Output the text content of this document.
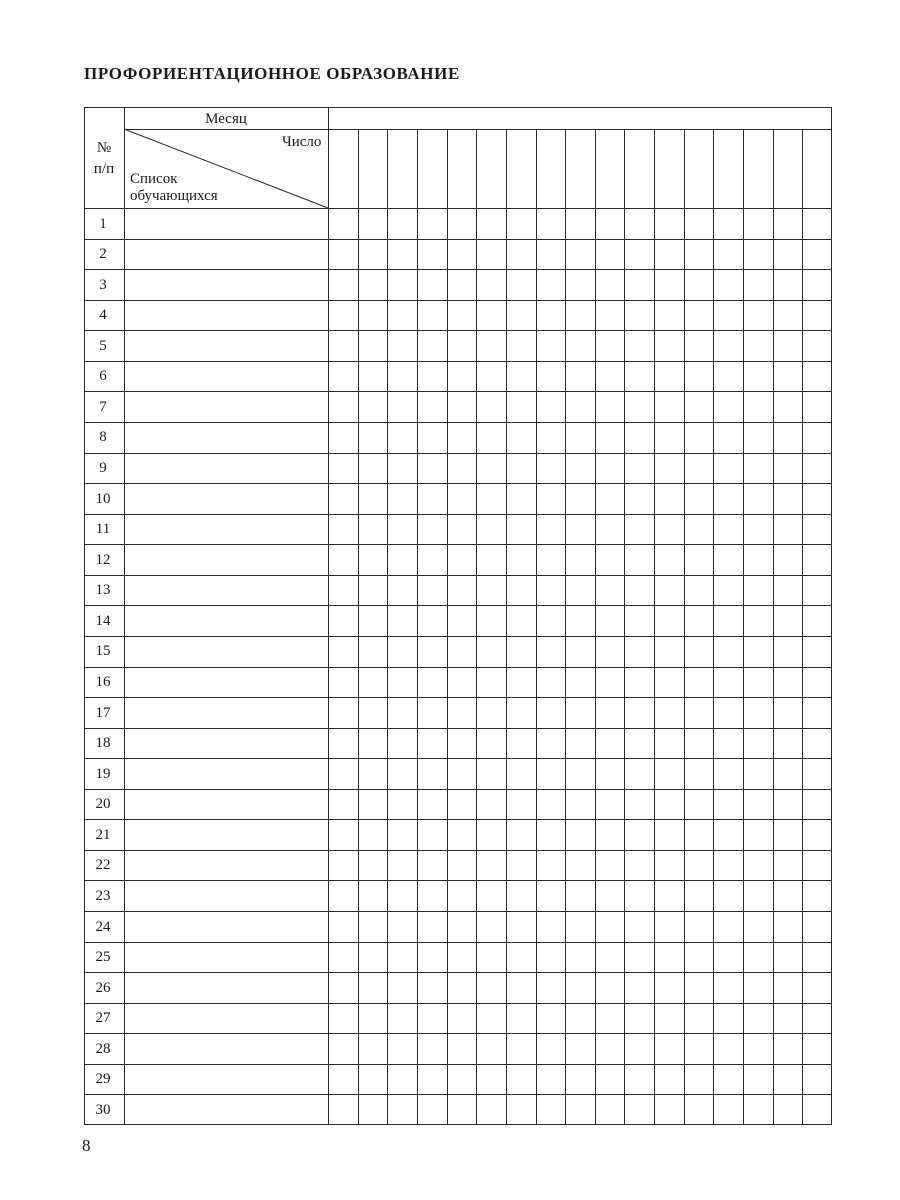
ПРОФОРИЕНТАЦИОННОЕ ОБРАЗОВАНИЕ
№
п/п
Месяц
Число
Список
обучающихся
1
2
3
4
5
6
7
8
9
10
11
12
13
14
15
16
17
18
19
20
21
22
23
24
25
26
27
28
29
30
8
